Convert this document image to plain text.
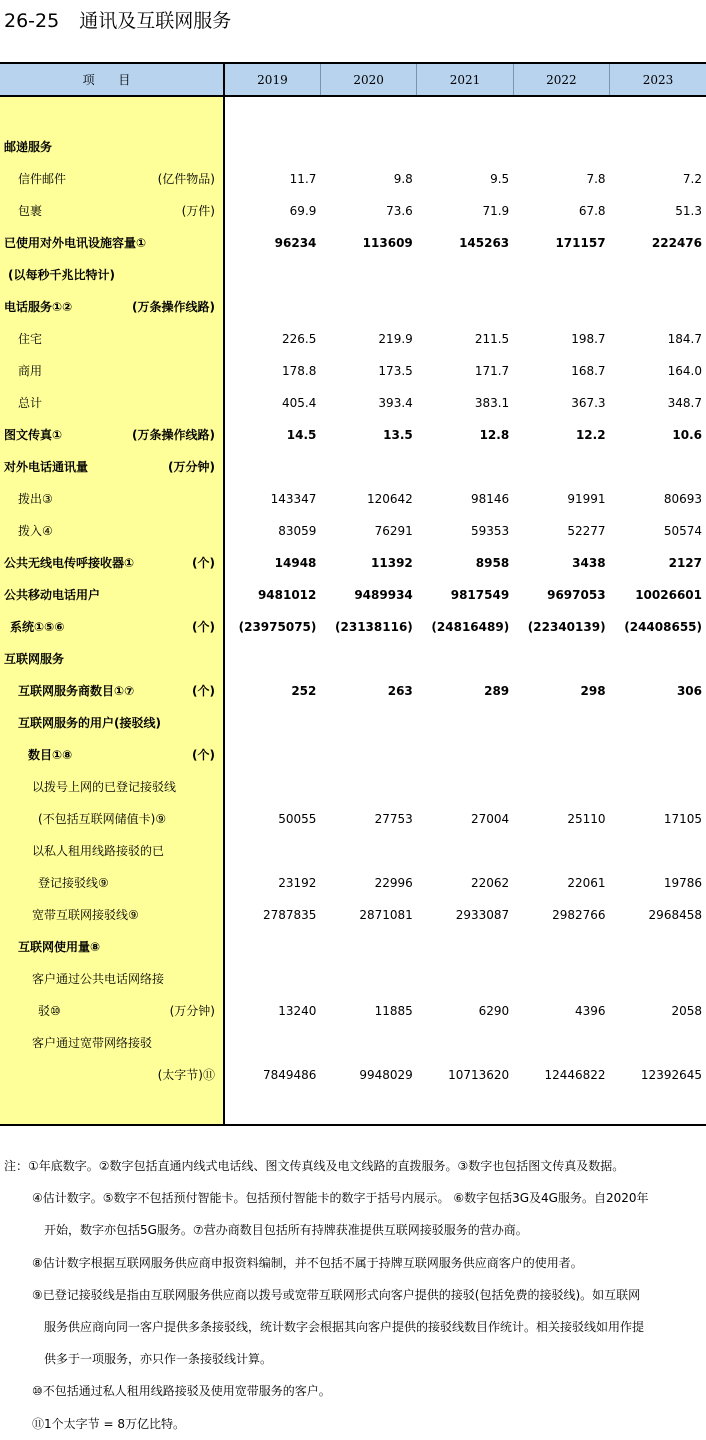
26-25 通讯及互联网服务
项 目	2019	2020	2021	2022	2023

邮递服务					

信件邮件 (亿件物品)	11.7	9.8	9.5	7.8	7.2

包裹 (万件)	69.9	73.6	71.9	67.8	51.3

已使用对外电讯设施容量①	96234	113609	145263	171157	222476

(以每秒千兆比特计)					

电话服务①② (万条操作线路)					

住宅	226.5	219.9	211.5	198.7	184.7

商用	178.8	173.5	171.7	168.7	164.0

总计	405.4	393.4	383.1	367.3	348.7

图文传真① (万条操作线路)	14.5	13.5	12.8	12.2	10.6

对外电话通讯量 (万分钟)					

拨出③	143347	120642	98146	91991	80693

拨入④	83059	76291	59353	52277	50574

公共无线电传呼接收器① (个)	14948	11392	8958	3438	2127

公共移动电话用户	9481012	9489934	9817549	9697053	10026601

系统①⑤⑥ (个)	(23975075)	(23138116)	(24816489)	(22340139)	(24408655)

互联网服务					

互联网服务商数目①⑦ (个)	252	263	289	298	306

互联网服务的用户(接驳线)					

数目①⑧ (个)					

以拨号上网的已登记接驳线					

(不包括互联网储值卡)⑨	50055	27753	27004	25110	17105

以私人租用线路接驳的已					

登记接驳线⑨	23192	22996	22062	22061	19786

宽带互联网接驳线⑨	2787835	2871081	2933087	2982766	2968458

互联网使用量⑧					

客户通过公共电话网络接					

驳⑩ (万分钟)	13240	11885	6290	4396	2058

客户通过宽带网络接驳					

(太字节)⑪	7849486	9948029	10713620	12446822	12392645

注：①年底数字。②数字包括直通内线式电话线、图文传真线及电文线路的直拨服务。③数字也包括图文传真及数据。
④估计数字。⑤数字不包括预付智能卡。包括预付智能卡的数字于括号内展示。 ⑥数字包括3G及4G服务。自2020年
开始，数字亦包括5G服务。⑦营办商数目包括所有持牌获准提供互联网接驳服务的营办商。
⑧估计数字根据互联网服务供应商申报资料编制，并不包括不属于持牌互联网服务供应商客户的使用者。
⑨已登记接驳线是指由互联网服务供应商以拨号或宽带互联网形式向客户提供的接驳(包括免费的接驳线)。如互联网
服务供应商向同一客户提供多条接驳线，统计数字会根据其向客户提供的接驳线数目作统计。相关接驳线如用作提
供多于一项服务，亦只作一条接驳线计算。
⑩不包括通过私人租用线路接驳及使用宽带服务的客户。
⑪1个太字节 = 8万亿比特。
